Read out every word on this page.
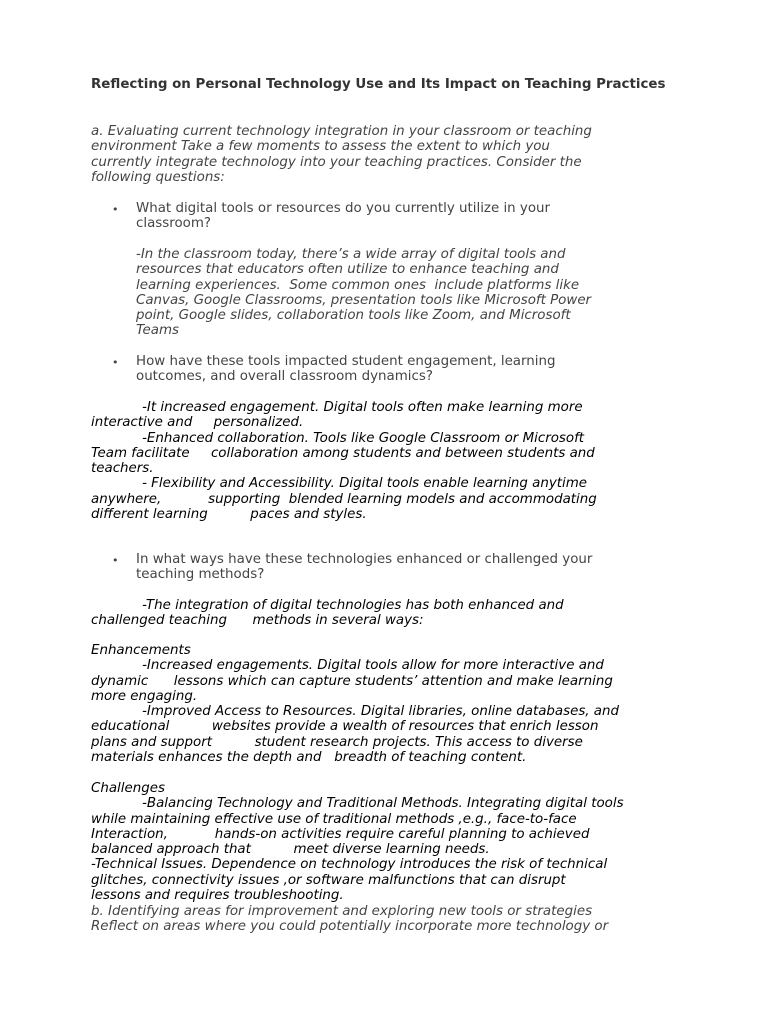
Reflecting on Personal Technology Use and Its Impact on Teaching Practices
a. Evaluating current technology integration in your classroom or teaching
environment Take a few moments to assess the extent to which you
currently integrate technology into your teaching practices. Consider the
following questions:
• What digital tools or resources do you currently utilize in your
classroom?
-In the classroom today, there’s a wide array of digital tools and
resources that educators often utilize to enhance teaching and
learning experiences.  Some common ones  include platforms like
Canvas, Google Classrooms, presentation tools like Microsoft Power
point, Google slides, collaboration tools like Zoom, and Microsoft
Teams
• How have these tools impacted student engagement, learning
outcomes, and overall classroom dynamics?
-It increased engagement. Digital tools often make learning more
interactive and     personalized.
-Enhanced collaboration. Tools like Google Classroom or Microsoft
Team facilitate     collaboration among students and between students and
teachers.
- Flexibility and Accessibility. Digital tools enable learning anytime
anywhere,           supporting  blended learning models and accommodating
different learning          paces and styles.
• In what ways have these technologies enhanced or challenged your
teaching methods?
-The integration of digital technologies has both enhanced and
challenged teaching      methods in several ways:
Enhancements
-Increased engagements. Digital tools allow for more interactive and
dynamic      lessons which can capture students’ attention and make learning
more engaging.
-Improved Access to Resources. Digital libraries, online databases, and
educational          websites provide a wealth of resources that enrich lesson
plans and support          student research projects. This access to diverse
materials enhances the depth and   breadth of teaching content.
Challenges
-Balancing Technology and Traditional Methods. Integrating digital tools
while maintaining effective use of traditional methods ,e.g., face-to-face
Interaction,           hands-on activities require careful planning to achieved
balanced approach that          meet diverse learning needs.
-Technical Issues. Dependence on technology introduces the risk of technical
glitches, connectivity issues ,or software malfunctions that can disrupt
lessons and requires troubleshooting.
b. Identifying areas for improvement and exploring new tools or strategies
Reflect on areas where you could potentially incorporate more technology or
